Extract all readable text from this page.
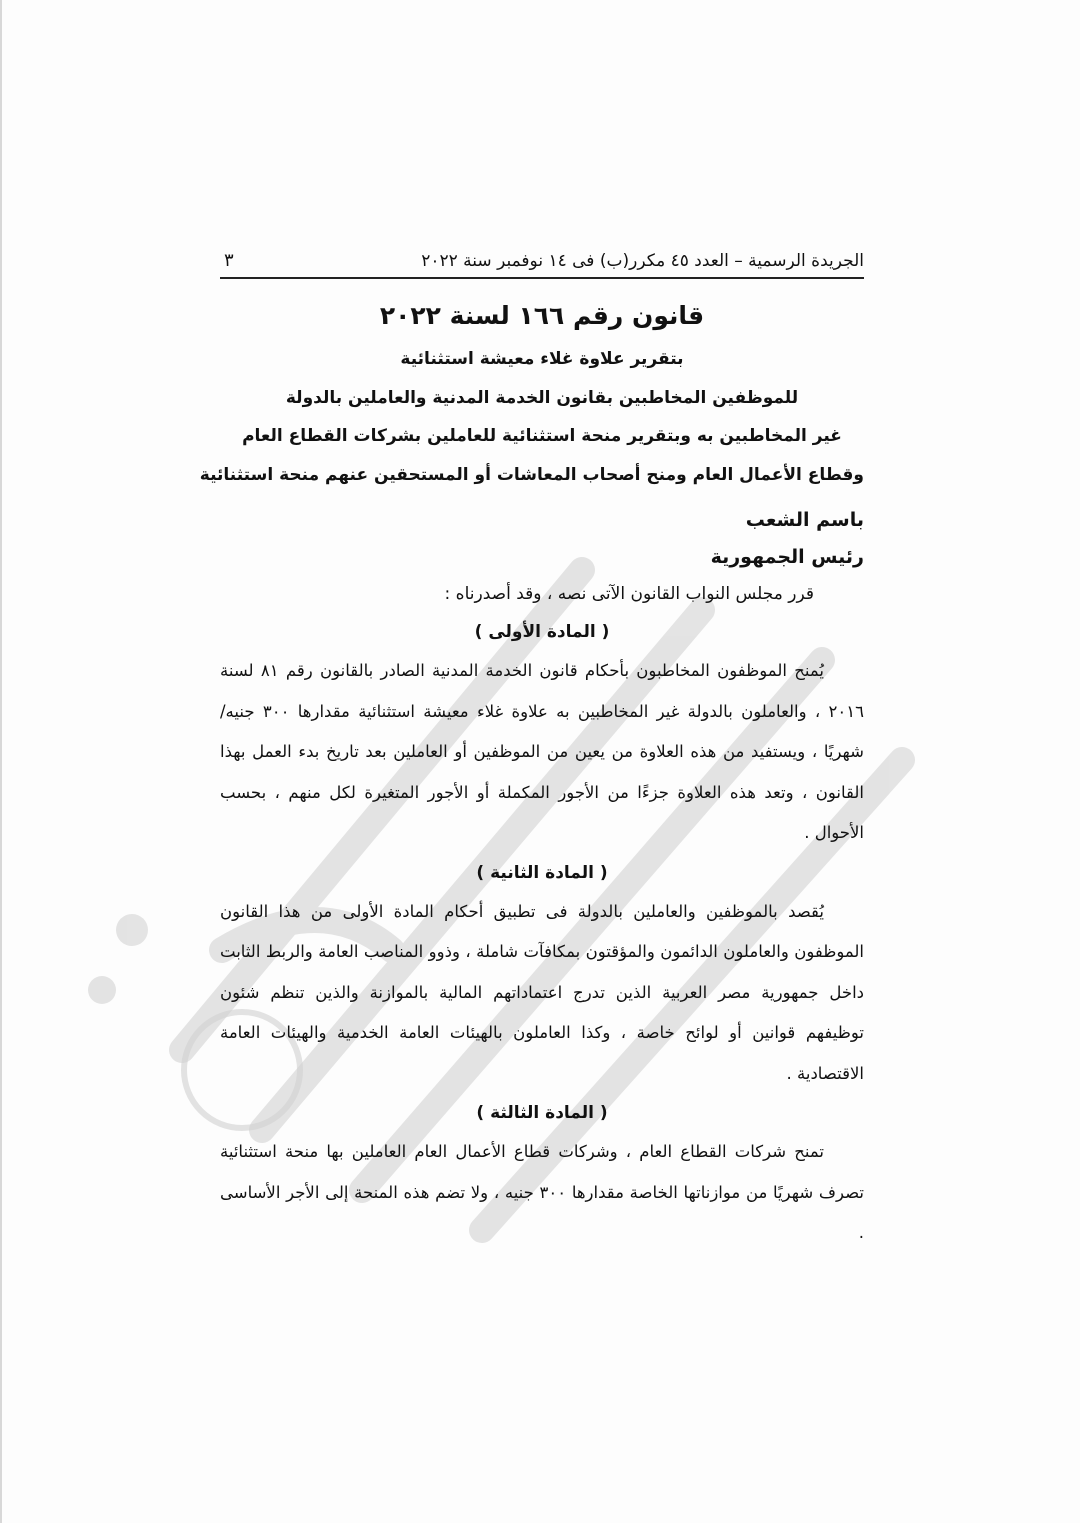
الجريدة الرسمية – العدد ٤٥ مكرر(ب) فى ١٤ نوفمبر سنة ٢٠٢٢
٣
قانون رقم ١٦٦ لسنة ٢٠٢٢
بتقرير علاوة غلاء معيشة استثنائية
للموظفين المخاطبين بقانون الخدمة المدنية والعاملين بالدولة
غير المخاطبين به وبتقرير منحة استثنائية للعاملين بشركات القطاع العام
وقطاع الأعمال العام ومنح أصحاب المعاشات أو المستحقين عنهم منحة استثنائية
باسم الشعب
رئيس الجمهورية
قرر مجلس النواب القانون الآتى نصه ، وقد أصدرناه :
( المادة الأولى )
يُمنح الموظفون المخاطبون بأحكام قانون الخدمة المدنية الصادر بالقانون رقم ٨١ لسنة ٢٠١٦ ، والعاملون بالدولة غير المخاطبين به علاوة غلاء معيشة استثنائية مقدارها ٣٠٠ جنيه/شهريًا ، ويستفيد من هذه العلاوة من يعين من الموظفين أو العاملين بعد تاريخ بدء العمل بهذا القانون ، وتعد هذه العلاوة جزءًا من الأجور المكملة أو الأجور المتغيرة لكل منهم ، بحسب الأحوال .
( المادة الثانية )
يُقصد بالموظفين والعاملين بالدولة فى تطبيق أحكام المادة الأولى من هذا القانون الموظفون والعاملون الدائمون والمؤقتون بمكافآت شاملة ، وذوو المناصب العامة والربط الثابت داخل جمهورية مصر العربية الذين تدرج اعتماداتهم المالية بالموازنة والذين تنظم شئون توظيفهم قوانين أو لوائح خاصة ، وكذا العاملون بالهيئات العامة الخدمية والهيئات العامة الاقتصادية .
( المادة الثالثة )
تمنح شركات القطاع العام ، وشركات قطاع الأعمال العام العاملين بها منحة استثنائية تصرف شهريًا من موازناتها الخاصة مقدارها ٣٠٠ جنيه ، ولا تضم هذه المنحة إلى الأجر الأساسى .
